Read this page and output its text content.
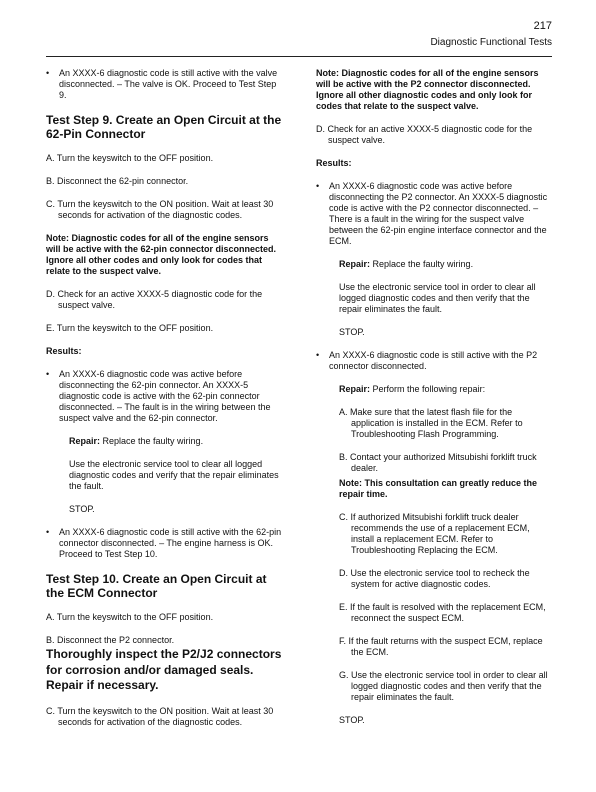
217
Diagnostic Functional Tests

• An XXXX-6 diagnostic code is still active with the valve disconnected. – The valve is OK. Proceed to Test Step 9.

Test Step 9. Create an Open Circuit at the 62-Pin Connector

A. Turn the keyswitch to the OFF position.

B. Disconnect the 62-pin connector.

C. Turn the keyswitch to the ON position. Wait at least 30 seconds for activation of the diagnostic codes.

Note: Diagnostic codes for all of the engine sensors will be active with the 62-pin connector disconnected. Ignore all other codes and only look for codes that relate to the suspect valve.

D. Check for an active XXXX-5 diagnostic code for the suspect valve.

E. Turn the keyswitch to the OFF position.

Results:

• An XXXX-6 diagnostic code was active before disconnecting the 62-pin connector. An XXXX-5 diagnostic code is active with the 62-pin connector disconnected. – The fault is in the wiring between the suspect valve and the 62-pin connector.

Repair: Replace the faulty wiring.

Use the electronic service tool to clear all logged diagnostic codes and verify that the repair eliminates the fault.

STOP.

• An XXXX-6 diagnostic code is still active with the 62-pin connector disconnected. – The engine harness is OK. Proceed to Test Step 10.

Test Step 10. Create an Open Circuit at the ECM Connector

A. Turn the keyswitch to the OFF position.

B. Disconnect the P2 connector.

Thoroughly inspect the P2/J2 connectors for corrosion and/or damaged seals. Repair if necessary.

C. Turn the keyswitch to the ON position. Wait at least 30 seconds for activation of the diagnostic codes.

Note: Diagnostic codes for all of the engine sensors will be active with the P2 connector disconnected. Ignore all other diagnostic codes and only look for codes that relate to the suspect valve.

D. Check for an active XXXX-5 diagnostic code for the suspect valve.

Results:

• An XXXX-6 diagnostic code was active before disconnecting the P2 connector. An XXXX-5 diagnostic code is active with the P2 connector disconnected. – There is a fault in the wiring for the suspect valve between the 62-pin engine interface connector and the ECM.

Repair: Replace the faulty wiring.

Use the electronic service tool in order to clear all logged diagnostic codes and then verify that the repair eliminates the fault.

STOP.

• An XXXX-6 diagnostic code is still active with the P2 connector disconnected.

Repair: Perform the following repair:

A. Make sure that the latest flash file for the application is installed in the ECM. Refer to Troubleshooting Flash Programming.

B. Contact your authorized Mitsubishi forklift truck dealer.

Note: This consultation can greatly reduce the repair time.

C. If authorized Mitsubishi forklift truck dealer recommends the use of a replacement ECM, install a replacement ECM. Refer to Troubleshooting Replacing the ECM.

D. Use the electronic service tool to recheck the system for active diagnostic codes.

E. If the fault is resolved with the replacement ECM, reconnect the suspect ECM.

F. If the fault returns with the suspect ECM, replace the ECM.

G. Use the electronic service tool in order to clear all logged diagnostic codes and then verify that the repair eliminates the fault.

STOP.
